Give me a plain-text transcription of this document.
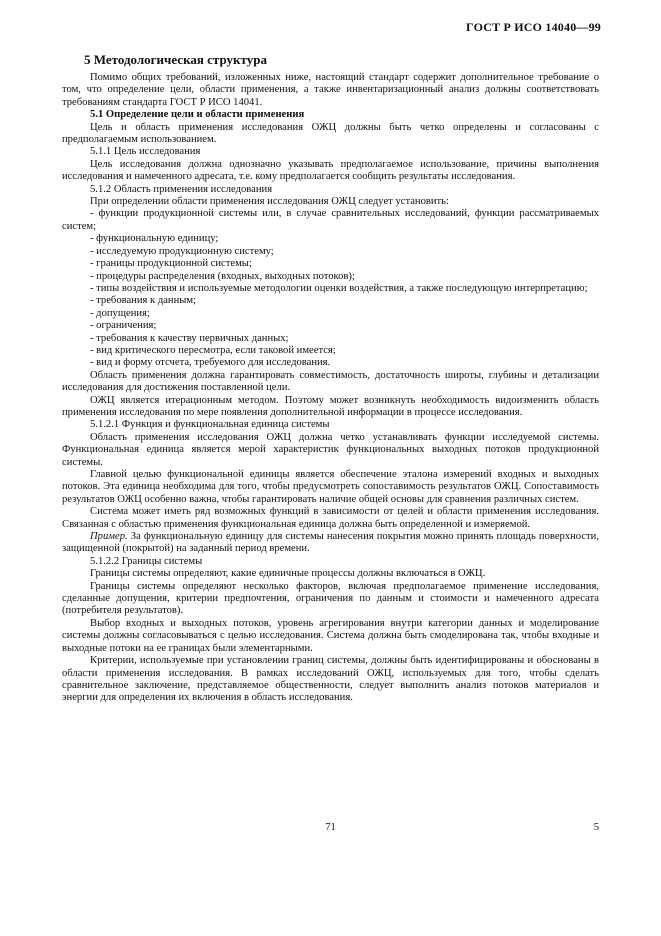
ГОСТ Р ИСО 14040—99

5 Методологическая структура

Помимо общих требований, изложенных ниже, настоящий стандарт содержит дополнительное требование о том, что определение цели, области применения, а также инвентаризационный анализ должны соответствовать требованиям стандарта ГОСТ Р ИСО 14041.

5.1 Определение цели и области применения

Цель и область применения исследования ОЖЦ должны быть четко определены и согласованы с предполагаемым использованием.

5.1.1 Цель исследования

Цель исследования должна однозначно указывать предполагаемое использование, причины выполнения исследования и намеченного адресата, т.е. кому предполагается сообщить результаты исследования.

5.1.2 Область применения исследования

При определении области применения исследования ОЖЦ следует установить:

- функции продукционной системы или, в случае сравнительных исследований, функции рассматриваемых систем;

- функциональную единицу;

- исследуемую продукционную систему;

- границы продукционной системы;

- процедуры распределения (входных, выходных потоков);

- типы воздействия и используемые методологии оценки воздействия, а также последующую интерпретацию;

- требования к данным;

- допущения;

- ограничения;

- требования к качеству первичных данных;

- вид критического пересмотра, если таковой имеется;

- вид и форму отсчета, требуемого для исследования.

Область применения должна гарантировать совместимость, достаточность широты, глубины и детализации исследования для достижения поставленной цели.

ОЖЦ является итерационным методом. Поэтому может возникнуть необходимость видоизменить область применения исследования по мере появления дополнительной информации в процессе исследования.

5.1.2.1 Функция и функциональная единица системы

Область применения исследования ОЖЦ должна четко устанавливать функции исследуемой системы. Функциональная единица является мерой характеристик функциональных выходных потоков продукционной системы.

Главной целью функциональной единицы является обеспечение эталона измерений входных и выходных потоков. Эта единица необходима для того, чтобы предусмотреть сопоставимость результатов ОЖЦ. Сопоставимость результатов ОЖЦ особенно важна, чтобы гарантировать наличие общей основы для сравнения различных систем.

Система может иметь ряд возможных функций в зависимости от целей и области применения исследования. Связанная с областью применения функциональная единица должна быть определенной и измеряемой.

Пример. За функциональную единицу для системы нанесения покрытия можно принять площадь поверхности, защищенной (покрытой) на заданный период времени.

5.1.2.2 Границы системы

Границы системы определяют, какие единичные процессы должны включаться в ОЖЦ.

Границы системы определяют несколько факторов, включая предполагаемое применение исследования, сделанные допущения, критерии предпочтения, ограничения по данным и стоимости и намеченного адресата (потребителя результатов).

Выбор входных и выходных потоков, уровень агрегирования внутри категории данных и моделирование системы должны согласовываться с целью исследования. Система должна быть смоделирована так, чтобы входные и выходные потоки на ее границах были элементарными.

Критерии, используемые при установлении границ системы, должны быть идентифицированы и обоснованы в области применения исследования. В рамках исследований ОЖЦ, используемых для того, чтобы сделать сравнительное заключение, представляемое общественности, следует выполнить анализ потоков материалов и энергии для определения их включения в область исследования.

71	5
